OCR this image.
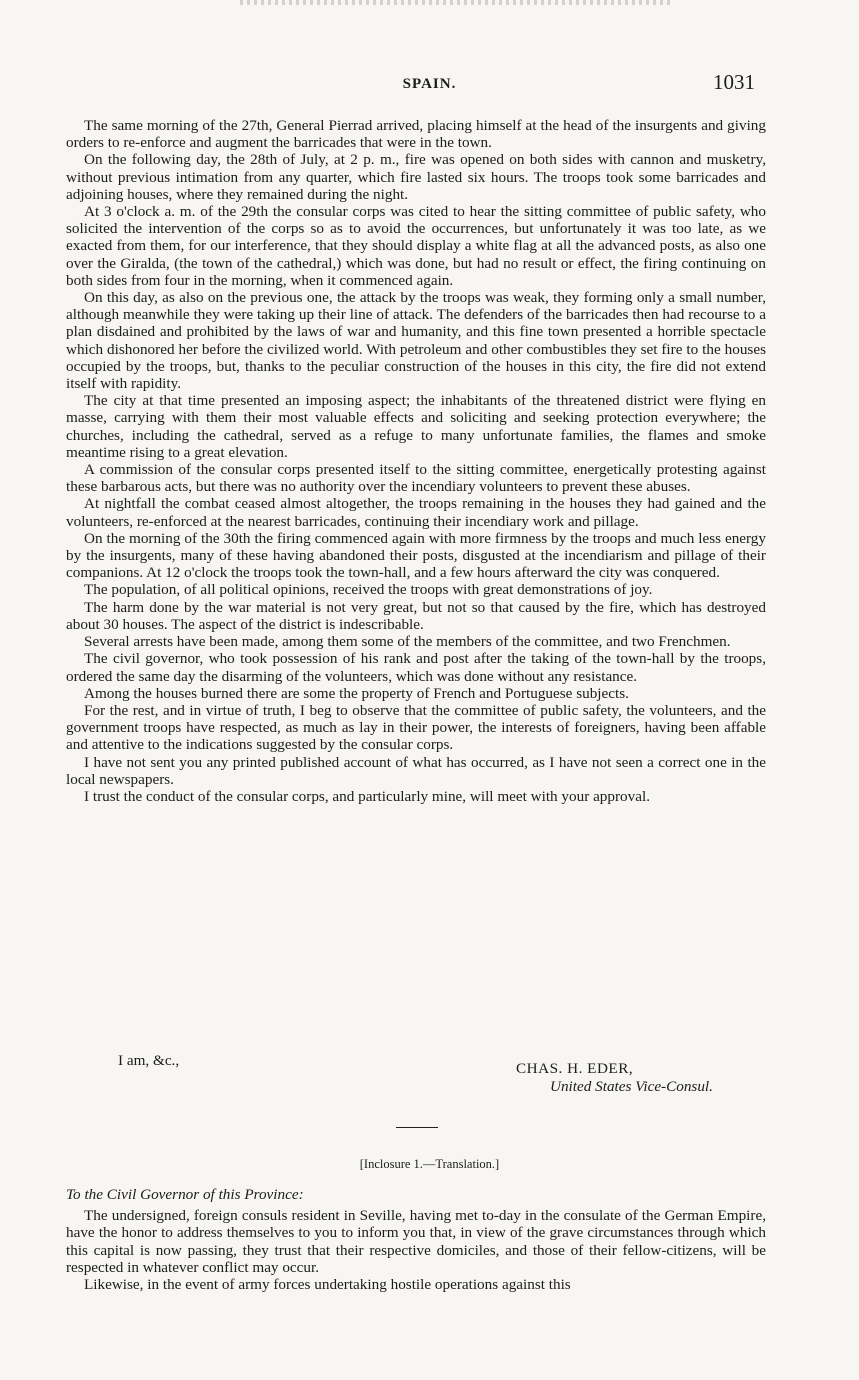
SPAIN.	1031

The same morning of the 27th, General Pierrad arrived, placing himself at the head of the insurgents and giving orders to re-enforce and augment the barricades that were in the town.

On the following day, the 28th of July, at 2 p. m., fire was opened on both sides with cannon and musketry, without previous intimation from any quarter, which fire lasted six hours. The troops took some barricades and adjoining houses, where they remained during the night.

At 3 o'clock a. m. of the 29th the consular corps was cited to hear the sitting committee of public safety, who solicited the intervention of the corps so as to avoid the occurrences, but unfortunately it was too late, as we exacted from them, for our interference, that they should display a white flag at all the advanced posts, as also one over the Giralda, (the town of the cathedral,) which was done, but had no result or effect, the firing continuing on both sides from four in the morning, when it commenced again.

On this day, as also on the previous one, the attack by the troops was weak, they forming only a small number, although meanwhile they were taking up their line of attack. The defenders of the barricades then had recourse to a plan disdained and prohibited by the laws of war and humanity, and this fine town presented a horrible spectacle which dishonored her before the civilized world. With petroleum and other combustibles they set fire to the houses occupied by the troops, but, thanks to the peculiar construction of the houses in this city, the fire did not extend itself with rapidity.

The city at that time presented an imposing aspect; the inhabitants of the threatened district were flying en masse, carrying with them their most valuable effects and soliciting and seeking protection everywhere; the churches, including the cathedral, served as a refuge to many unfortunate families, the flames and smoke meantime rising to a great elevation.

A commission of the consular corps presented itself to the sitting committee, energetically protesting against these barbarous acts, but there was no authority over the incendiary volunteers to prevent these abuses.

At nightfall the combat ceased almost altogether, the troops remaining in the houses they had gained and the volunteers, re-enforced at the nearest barricades, continuing their incendiary work and pillage.

On the morning of the 30th the firing commenced again with more firmness by the troops and much less energy by the insurgents, many of these having abandoned their posts, disgusted at the incendiarism and pillage of their companions. At 12 o'clock the troops took the town-hall, and a few hours afterward the city was conquered.

The population, of all political opinions, received the troops with great demonstrations of joy.

The harm done by the war material is not very great, but not so that caused by the fire, which has destroyed about 30 houses. The aspect of the district is indescribable.

Several arrests have been made, among them some of the members of the committee, and two Frenchmen.

The civil governor, who took possession of his rank and post after the taking of the town-hall by the troops, ordered the same day the disarming of the volunteers, which was done without any resistance.

Among the houses burned there are some the property of French and Portuguese subjects.

For the rest, and in virtue of truth, I beg to observe that the committee of public safety, the volunteers, and the government troops have respected, as much as lay in their power, the interests of foreigners, having been affable and attentive to the indications suggested by the consular corps.

I have not sent you any printed published account of what has occurred, as I have not seen a correct one in the local newspapers.

I trust the conduct of the consular corps, and particularly mine, will meet with your approval.

I am, &c.,	CHAS. H. EDER,
United States Vice-Consul.
[Inclosure 1.—Translation.]

To the Civil Governor of this Province:

The undersigned, foreign consuls resident in Seville, having met to-day in the consulate of the German Empire, have the honor to address themselves to you to inform you that, in view of the grave circumstances through which this capital is now passing, they trust that their respective domiciles, and those of their fellow-citizens, will be respected in whatever conflict may occur.

Likewise, in the event of army forces undertaking hostile operations against this
